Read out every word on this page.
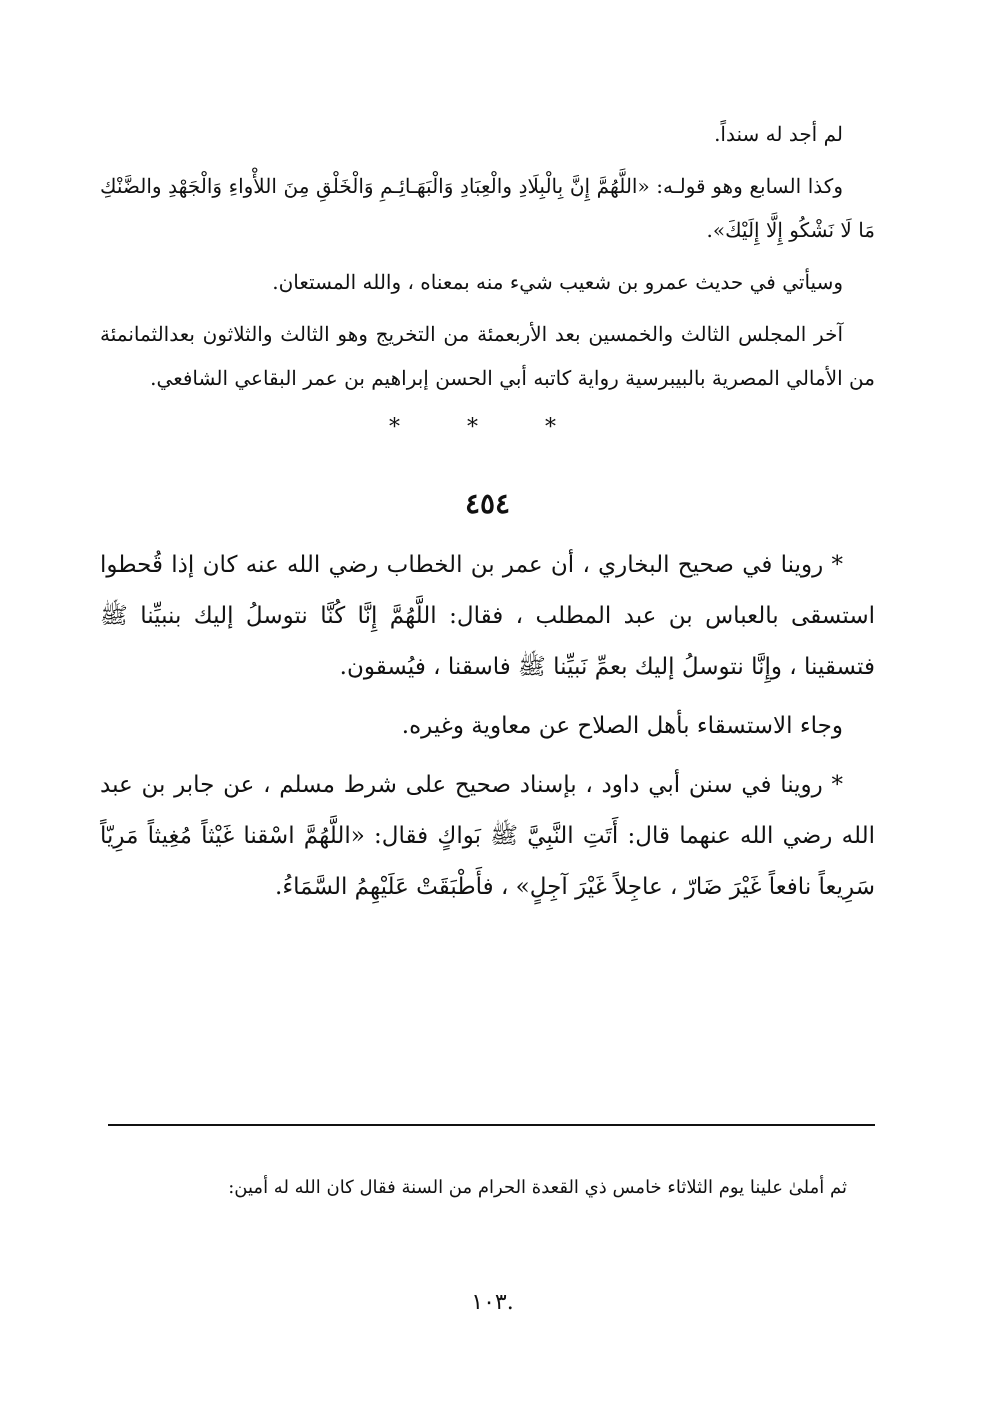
لم أجد له سنداً.

وكذا السابع وهو قولـه: «اللَّهُمَّ إِنَّ بِالْبِلَادِ والْعِبَادِ وَالْبَهَـائِـمِ وَالْخَلْقِ مِنَ اللأْواءِ وَالْجَهْدِ والضَّنْكِ مَا لَا نَشْكُو إِلَّا إِلَيْكَ».

وسيأتي في حديث عمرو بن شعيب شيء منه بمعناه ، والله المستعان.

آخر المجلس الثالث والخمسين بعد الأربعمئة من التخريج وهو الثالث والثلاثون بعدالثمانمئة من الأمالي المصرية بالبيبرسية رواية كاتبه أبي الحسن إبراهيم بن عمر البقاعي الشافعي.

* * *
٤٥٤

* روينا في صحيح البخاري ، أن عمر بن الخطاب رضي الله عنه كان إذا قُحطوا استسقى بالعباس بن عبد المطلب ، فقال: اللَّهُمَّ إِنَّا كُنَّا نتوسلُ إليك بنبيِّنا ﷺ فتسقينا ، وإِنَّا نتوسلُ إليك بعمِّ نَبيِّنا ﷺ فاسقنا ، فيُسقون.

وجاء الاستسقاء بأهل الصلاح عن معاوية وغيره.

* روينا في سنن أبي داود ، بإسناد صحيح على شرط مسلم ، عن جابر بن عبد الله رضي الله عنهما قال: أَتَتِ النَّبِيَّ ﷺ بَواكٍ فقال: «اللَّهُمَّ اسْقنا غَيْثاً مُغِيثاً مَرِيّاً سَرِيعاً نافعاً غَيْرَ ضَارّ ، عاجِلاً غَيْرَ آجِلٍ» ، فأَطْبَقَتْ عَلَيْهِمُ السَّمَاءُ.

ثم أملىٰ علينا يوم الثلاثاء خامس ذي القعدة الحرام من السنة فقال كان الله له أمين:

.١٠٣
